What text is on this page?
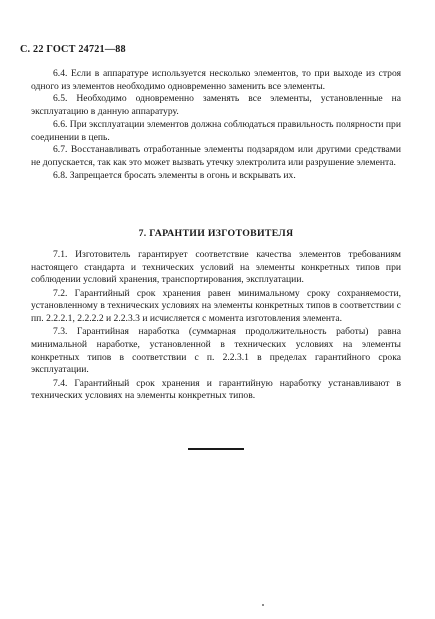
С. 22 ГОСТ 24721—88

6.4. Если в аппаратуре используется несколько элементов, то при выходе из строя одного из элементов необходимо одновременно заменить все элементы.

6.5. Необходимо одновременно заменять все элементы, установленные на эксплуатацию в данную аппаратуру.

6.6. При эксплуатации элементов должна соблюдаться правильность полярности при соединении в цепь.

6.7. Восстанавливать отработанные элементы подзарядом или другими средствами не допускается, так как это может вызвать утечку электролита или разрушение элемента.

6.8. Запрещается бросать элементы в огонь и вскрывать их.

7. ГАРАНТИИ ИЗГОТОВИТЕЛЯ

7.1. Изготовитель гарантирует соответствие качества элементов требованиям настоящего стандарта и технических условий на элементы конкретных типов при соблюдении условий хранения, транспортирования, эксплуатации.

7.2. Гарантийный срок хранения равен минимальному сроку сохраняемости, установленному в технических условиях на элементы конкретных типов в соответствии с пп. 2.2.2.1, 2.2.2.2 и 2.2.3.3 и исчисляется с момента изготовления элемента.

7.3. Гарантийная наработка (суммарная продолжительность работы) равна минимальной наработке, установленной в технических условиях на элементы конкретных типов в соответствии с п. 2.2.3.1 в пределах гарантийного срока эксплуатации.

7.4. Гарантийный срок хранения и гарантийную наработку устанавливают в технических условиях на элементы конкретных типов.
